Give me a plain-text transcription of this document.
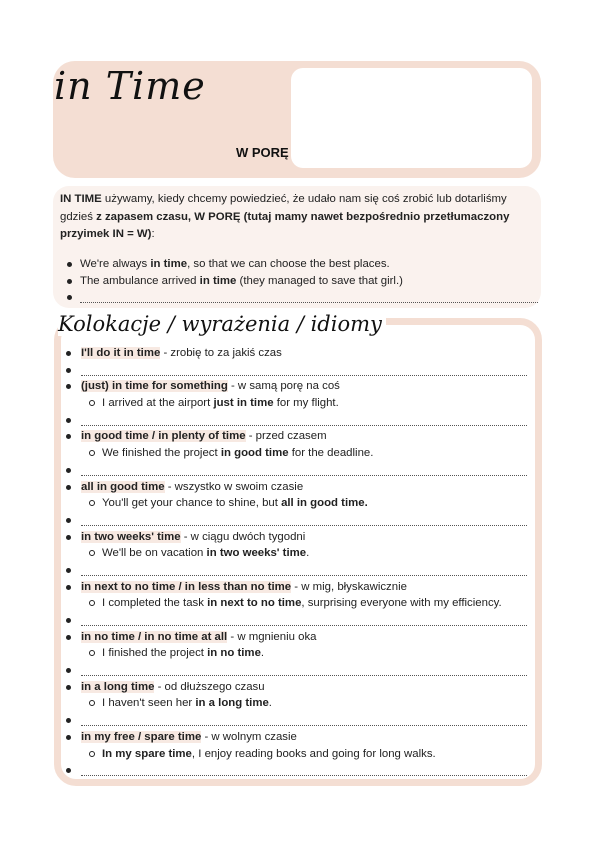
in Time
W PORĘ
IN TIME używamy, kiedy chcemy powiedzieć, że udało nam się coś zrobić lub dotarliśmy gdzieś z zapasem czasu, W PORĘ (tutaj mamy nawet bezpośrednio przetłumaczony przyimek IN = W):
We're always in time, so that we can choose the best places.
The ambulance arrived in time (they managed to save that girl.)
Kolokacje / wyrażenia / idiomy
I'll do it in time - zrobię to za jakiś czas
(just) in time for something - w samą porę na coś
I arrived at the airport just in time for my flight.
in good time / in plenty of time - przed czasem
We finished the project in good time for the deadline.
all in good time - wszystko w swoim czasie
You'll get your chance to shine, but all in good time.
in two weeks' time - w ciągu dwóch tygodni
We'll be on vacation in two weeks' time.
in next to no time / in less than no time - w mig, błyskawicznie
I completed the task in next to no time, surprising everyone with my efficiency.
in no time / in no time at all - w mgnieniu oka
I finished the project in no time.
in a long time - od dłuższego czasu
I haven't seen her in a long time.
in my free / spare time - w wolnym czasie
In my spare time, I enjoy reading books and going for long walks.
